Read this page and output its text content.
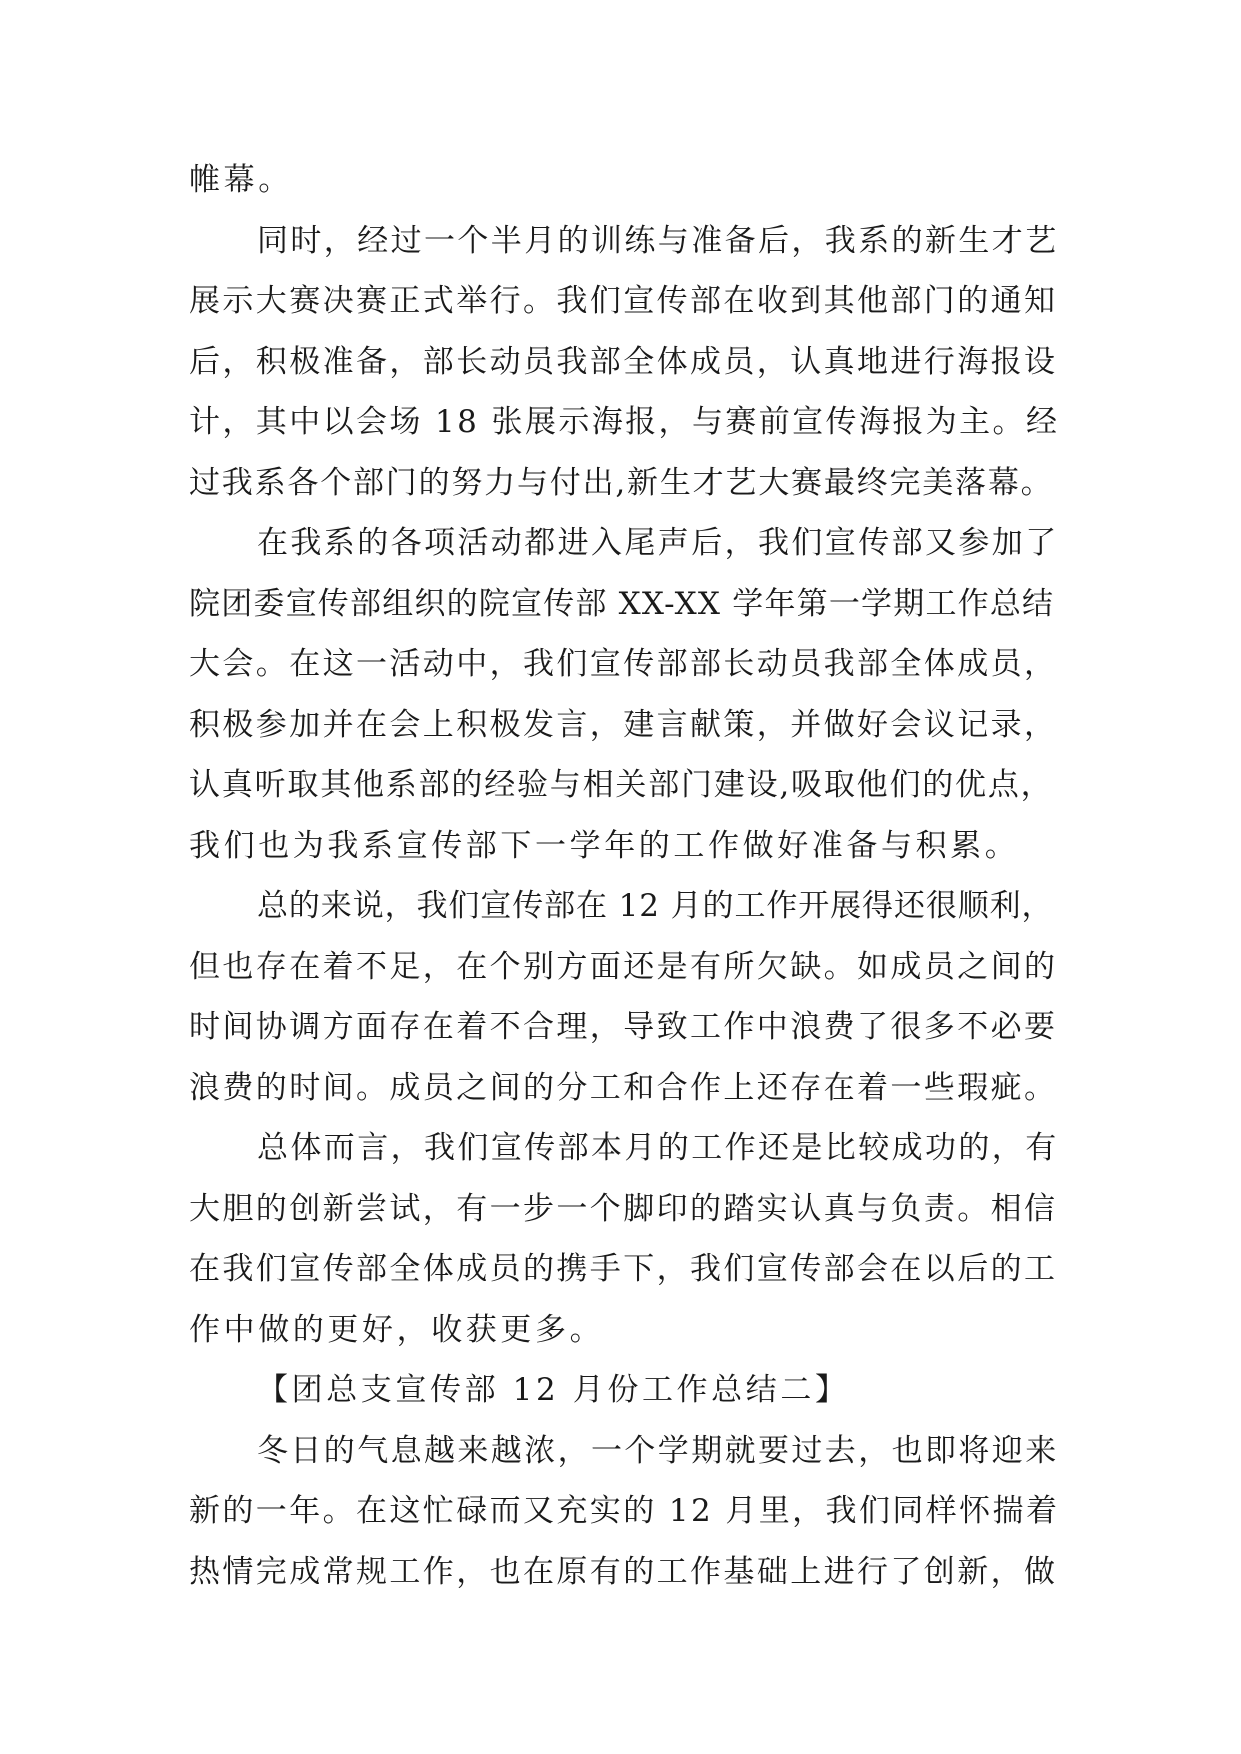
帷幕。
同时，经过一个半月的训练与准备后，我系的新生才艺
展示大赛决赛正式举行。我们宣传部在收到其他部门的通知
后，积极准备，部长动员我部全体成员，认真地进行海报设
计，其中以会场 18 张展示海报，与赛前宣传海报为主。经
过我系各个部门的努力与付出,新生才艺大赛最终完美落幕。
在我系的各项活动都进入尾声后，我们宣传部又参加了
院团委宣传部组织的院宣传部 XX-XX 学年第一学期工作总结
大会。在这一活动中，我们宣传部部长动员我部全体成员，
积极参加并在会上积极发言，建言献策，并做好会议记录，
认真听取其他系部的经验与相关部门建设,吸取他们的优点，
我们也为我系宣传部下一学年的工作做好准备与积累。
总的来说，我们宣传部在 12 月的工作开展得还很顺利，
但也存在着不足，在个别方面还是有所欠缺。如成员之间的
时间协调方面存在着不合理，导致工作中浪费了很多不必要
浪费的时间。成员之间的分工和合作上还存在着一些瑕疵。
总体而言，我们宣传部本月的工作还是比较成功的，有
大胆的创新尝试，有一步一个脚印的踏实认真与负责。相信
在我们宣传部全体成员的携手下，我们宣传部会在以后的工
作中做的更好，收获更多。
【团总支宣传部 12 月份工作总结二】
冬日的气息越来越浓，一个学期就要过去，也即将迎来
新的一年。在这忙碌而又充实的 12 月里，我们同样怀揣着
热情完成常规工作，也在原有的工作基础上进行了创新，做
